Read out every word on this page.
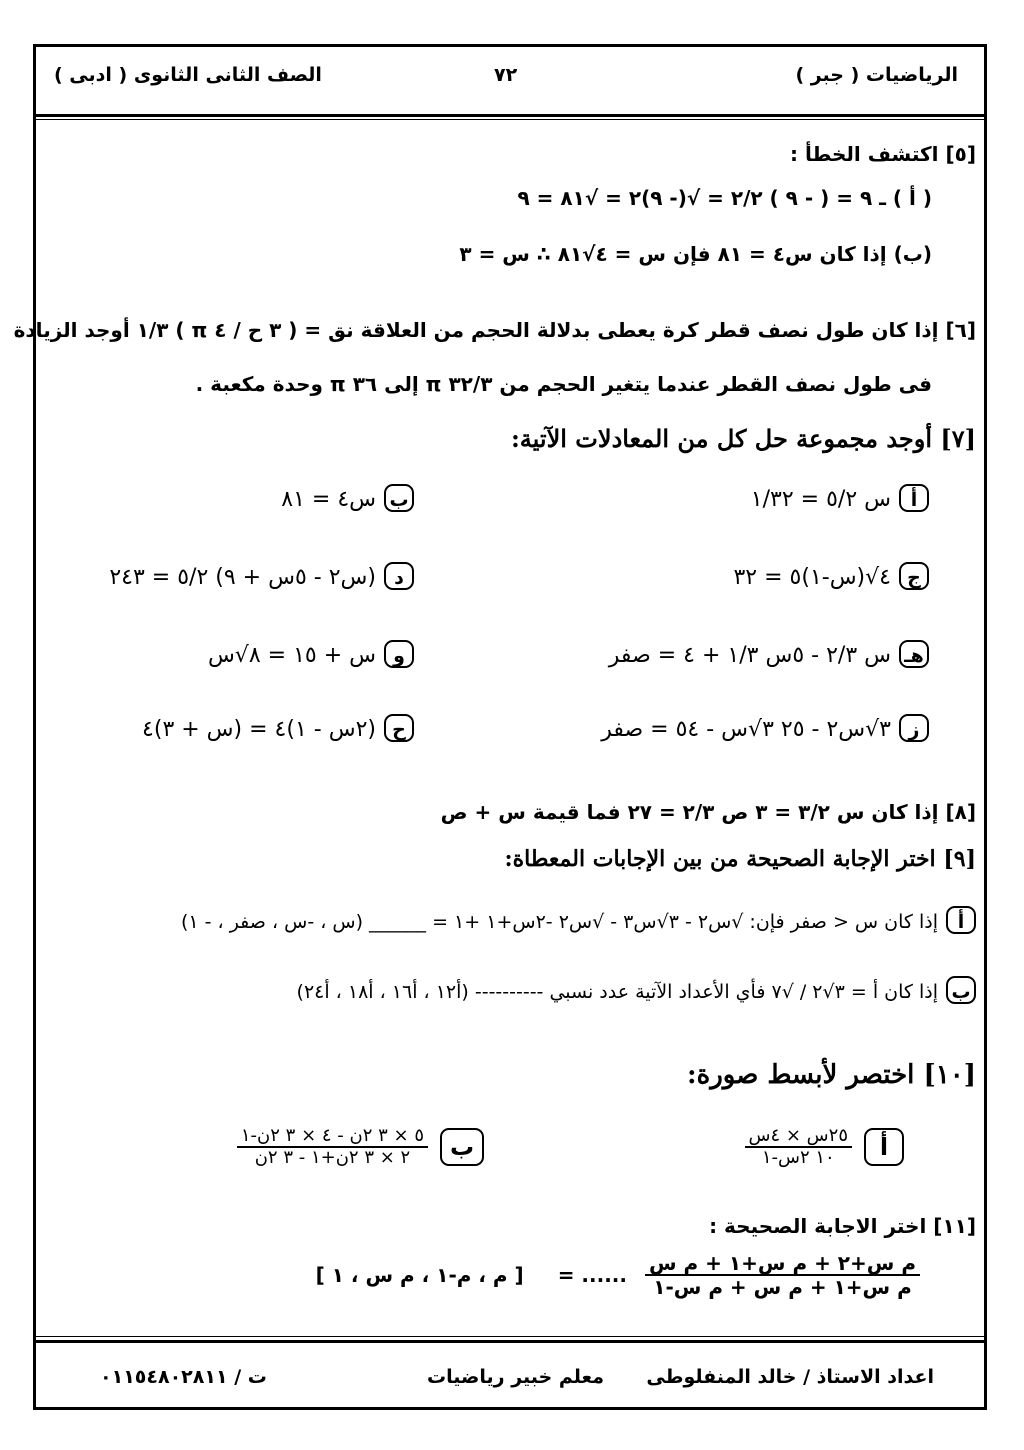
الرياضيات ( جبر )
٧٢
الصف الثانى الثانوى ( ادبى )
[٥] اكتشف الخطأ :
( أ ) ـ ٩ = ( - ٩ ) ٢/٢ = √(- ٩)٢ = √٨١ = ٩
(ب) إذا كان س٤ = ٨١ فإن س = ٤√٨١ ∴ س = ٣
[٦] إذا كان طول نصف قطر كرة يعطى بدلالة الحجم من العلاقة نق = ( ٣ ح / ٤ π ) ١/٣ أوجد الزيادة
فى طول نصف القطر عندما يتغير الحجم من ٣٢/٣ π إلى ٣٦ π وحدة مكعبة .
[٧] أوجد مجموعة حل كل من المعادلات الآتية:
أس ٥/٢ = ١/٣٢
بس٤ = ٨١
ج٤√(س-١)٥ = ٣٢
د(س٢ - ٥س + ٩) ٥/٢ = ٢٤٣
هـس ٢/٣ - ٥س ١/٣ + ٤ = صفر
وس + ١٥ = ٨√س
ز٣√س٢ - ٢٥ ٣√س - ٥٤ = صفر
ح(٢س - ١)٤ = (س + ٣)٤
[٨] إذا كان س ٣/٢ = ٣ ص ٢/٣ = ٢٧ فما قيمة س + ص
[٩] اختر الإجابة الصحيحة من بين الإجابات المعطاة:
أإذا كان س < صفر فإن: √س٢ - ٣√س٣ - √س٢ -٢س+١ +١ = ______ (س ، -س ، صفر ، - ١)
بإذا كان أ = ٣√٢ / √٧ فأي الأعداد الآتية عدد نسبي ---------- (أ١٢ ، أ١٦ ، أ١٨ ، أ٢٤)
[١٠] اختصر لأبسط صورة:
أ
$\frac{\text{٢٥س × ٤س}}{\text{١٠ ٢س-١}}$
ب
$\frac{\text{٥ × ٣ ٢ن - ٤ × ٣ ٢ن-١}}{\text{٢ × ٣ ٢ن+١ - ٣ ٢ن}}$
[١١] اختر الاجابة الصحيحة :
$\frac{\text{م س+٢ + م س+١ + م س}}{\text{م س+١ + م س + م س-١}}$
...... =
[ م ، م-١ ، م س ، ١ ]
اعداد الاستاذ / خالد المنفلوطى
معلم خبير رياضيات
ت / ٠١١٥٤٨٠٢٨١١
